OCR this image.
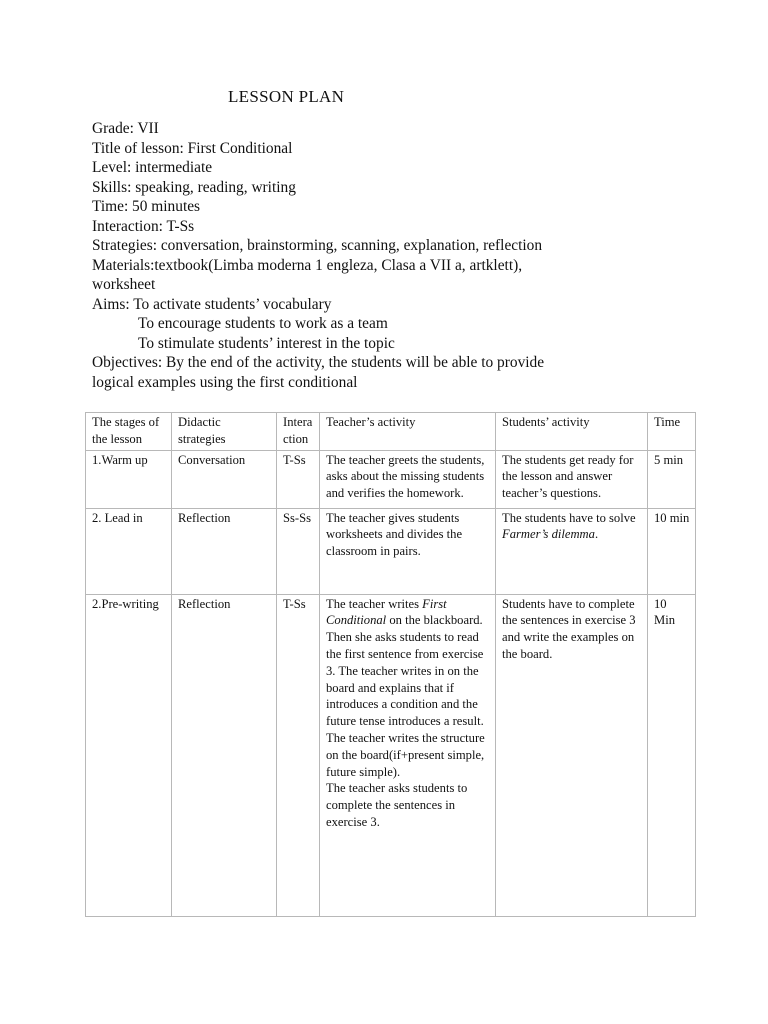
LESSON PLAN
Grade: VII
Title of lesson: First Conditional
Level: intermediate
Skills: speaking, reading, writing
Time: 50 minutes
Interaction: T-Ss
Strategies: conversation, brainstorming, scanning, explanation, reflection
Materials:textbook(Limba moderna 1 engleza, Clasa a VII a, artklett),
worksheet
Aims: To activate students’ vocabulary
To encourage students to work as a team
To stimulate students’ interest in the topic
Objectives: By the end of the activity, the students will be able to provide
logical examples using the first conditional
The stages of the lesson	Didactic strategies	Interaction	Teacher’s activity	Students’ activity	Time
1.Warm up	Conversation	T-Ss	The teacher greets the students, asks about the missing students and verifies the homework.	The students get ready for the lesson and answer teacher’s questions.	5 min
2. Lead in	Reflection	Ss-Ss	The teacher gives students worksheets and divides the classroom in pairs.	The students have to solve Farmer’s dilemma.	10 min
2.Pre-writing	Reflection	T-Ss	The teacher writes First Conditional on the blackboard. Then she asks students to read the first sentence from exercise 3. The teacher writes in on the board and explains that if introduces a condition and the future tense introduces a result.
The teacher writes the structure on the board(if+present simple, future simple).
The teacher asks students to complete the sentences in exercise 3.	Students have to complete the sentences in exercise 3 and write the examples on the board.	10 Min
